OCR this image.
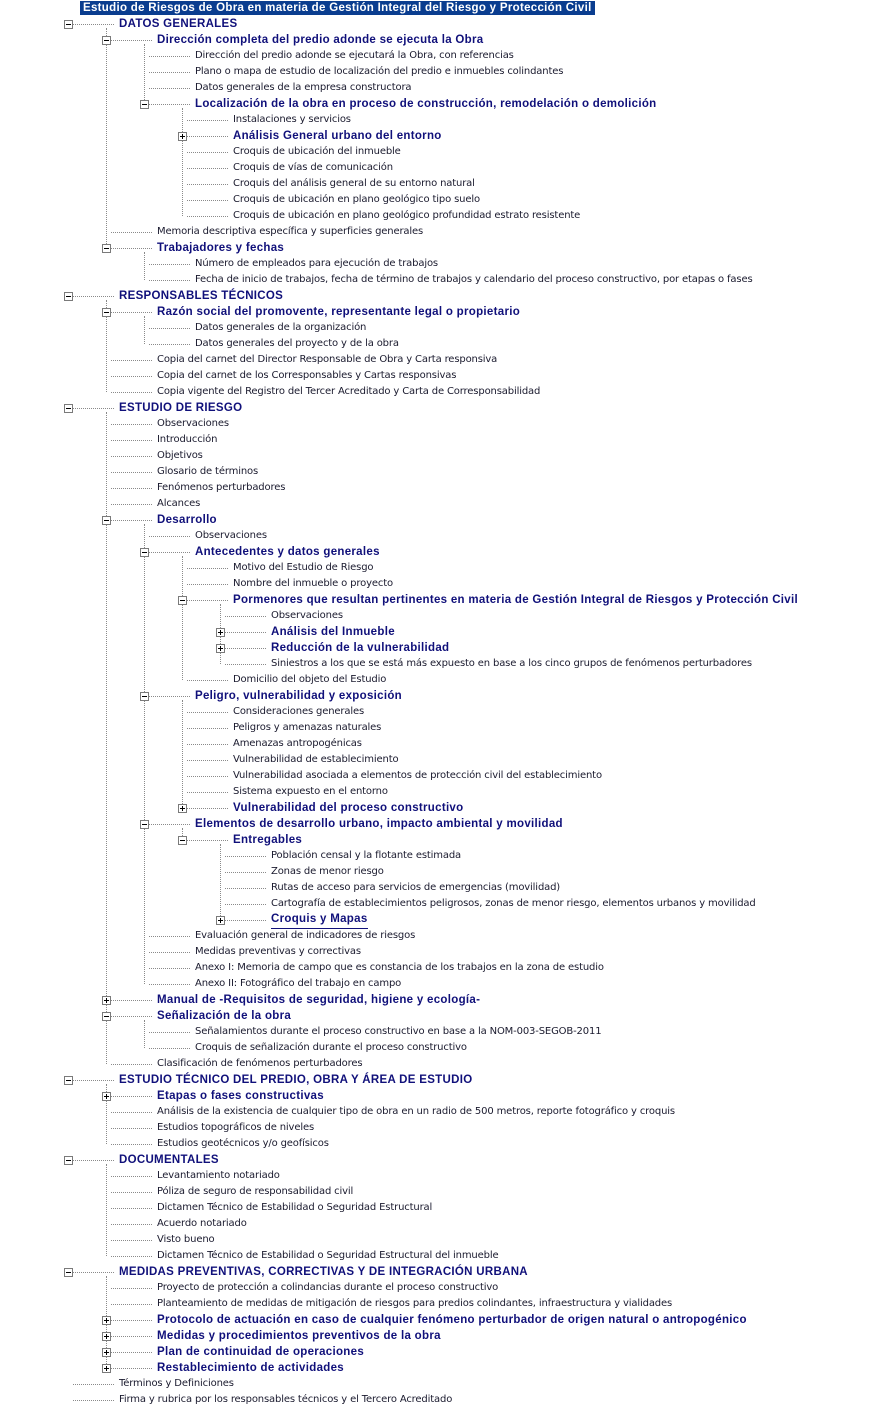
Estudio de Riesgos de Obra en materia de Gestión Integral del Riesgo y Protección Civil
DATOS GENERALES
Dirección completa del predio adonde se ejecuta la Obra
Dirección del predio adonde se ejecutará la Obra, con referencias
Plano o mapa de estudio de localización del predio e inmuebles colindantes
Datos generales de la empresa constructora
Localización de la obra en proceso de construcción, remodelación o demolición
Instalaciones y servicios
Análisis General urbano del entorno
Croquis de ubicación del inmueble
Croquis de vías de comunicación
Croquis del análisis general de su entorno natural
Croquis de ubicación en plano geológico tipo suelo
Croquis de ubicación en plano geológico profundidad estrato resistente
Memoria descriptiva específica y superficies generales
Trabajadores y fechas
Número de empleados para ejecución de trabajos
Fecha de inicio de trabajos, fecha de término de trabajos y calendario del proceso constructivo, por etapas o fases
RESPONSABLES TÉCNICOS
Razón social del promovente, representante legal o propietario
Datos generales de la organización
Datos generales del proyecto y de la obra
Copia del carnet del Director Responsable de Obra y Carta responsiva
Copia del carnet de los Corresponsables y Cartas responsivas
Copia vigente del Registro del Tercer Acreditado y Carta de Corresponsabilidad
ESTUDIO DE RIESGO
Observaciones
Introducción
Objetivos
Glosario de términos
Fenómenos perturbadores
Alcances
Desarrollo
Observaciones
Antecedentes y datos generales
Motivo del Estudio de Riesgo
Nombre del inmueble o proyecto
Pormenores que resultan pertinentes en materia de Gestión Integral de Riesgos y Protección Civil
Observaciones
Análisis del Inmueble
Reducción de la vulnerabilidad
Siniestros a los que se está más expuesto en base a los cinco grupos de fenómenos perturbadores
Domicilio del objeto del Estudio
Peligro, vulnerabilidad y exposición
Consideraciones generales
Peligros y amenazas naturales
Amenazas antropogénicas
Vulnerabilidad de establecimiento
Vulnerabilidad asociada a elementos de protección civil del establecimiento
Sistema expuesto en el entorno
Vulnerabilidad del proceso constructivo
Elementos de desarrollo urbano, impacto ambiental y movilidad
Entregables
Población censal y la flotante estimada
Zonas de menor riesgo
Rutas de acceso para servicios de emergencias (movilidad)
Cartografía de establecimientos peligrosos, zonas de menor riesgo, elementos urbanos y movilidad
Croquis y Mapas
Evaluación general de indicadores de riesgos
Medidas preventivas y correctivas
Anexo I: Memoria de campo que es constancia de los trabajos en la zona de estudio
Anexo II: Fotográfico del trabajo en campo
Manual de -Requisitos de seguridad, higiene y ecología-
Señalización de la obra
Señalamientos durante el proceso constructivo en base a la NOM-003-SEGOB-2011
Croquis de señalización durante el proceso constructivo
Clasificación de fenómenos perturbadores
ESTUDIO TÉCNICO DEL PREDIO, OBRA Y ÁREA DE ESTUDIO
Etapas o fases constructivas
Análisis de la existencia de cualquier tipo de obra en un radio de 500 metros, reporte fotográfico y croquis
Estudios topográficos de niveles
Estudios geotécnicos y/o geofísicos
DOCUMENTALES
Levantamiento notariado
Póliza de seguro de responsabilidad civil
Dictamen Técnico de Estabilidad o Seguridad Estructural
Acuerdo notariado
Visto bueno
Dictamen Técnico de Estabilidad o Seguridad Estructural del inmueble
MEDIDAS PREVENTIVAS, CORRECTIVAS Y DE INTEGRACIÓN URBANA
Proyecto de protección a colindancias durante el proceso constructivo
Planteamiento de medidas de mitigación de riesgos para predios colindantes, infraestructura y vialidades
Protocolo de actuación en caso de cualquier fenómeno perturbador de origen natural o antropogénico
Medidas y procedimientos preventivos de la obra
Plan de continuidad de operaciones
Restablecimiento de actividades
Términos y Definiciones
Firma y rubrica por los responsables técnicos y el Tercero Acreditado
